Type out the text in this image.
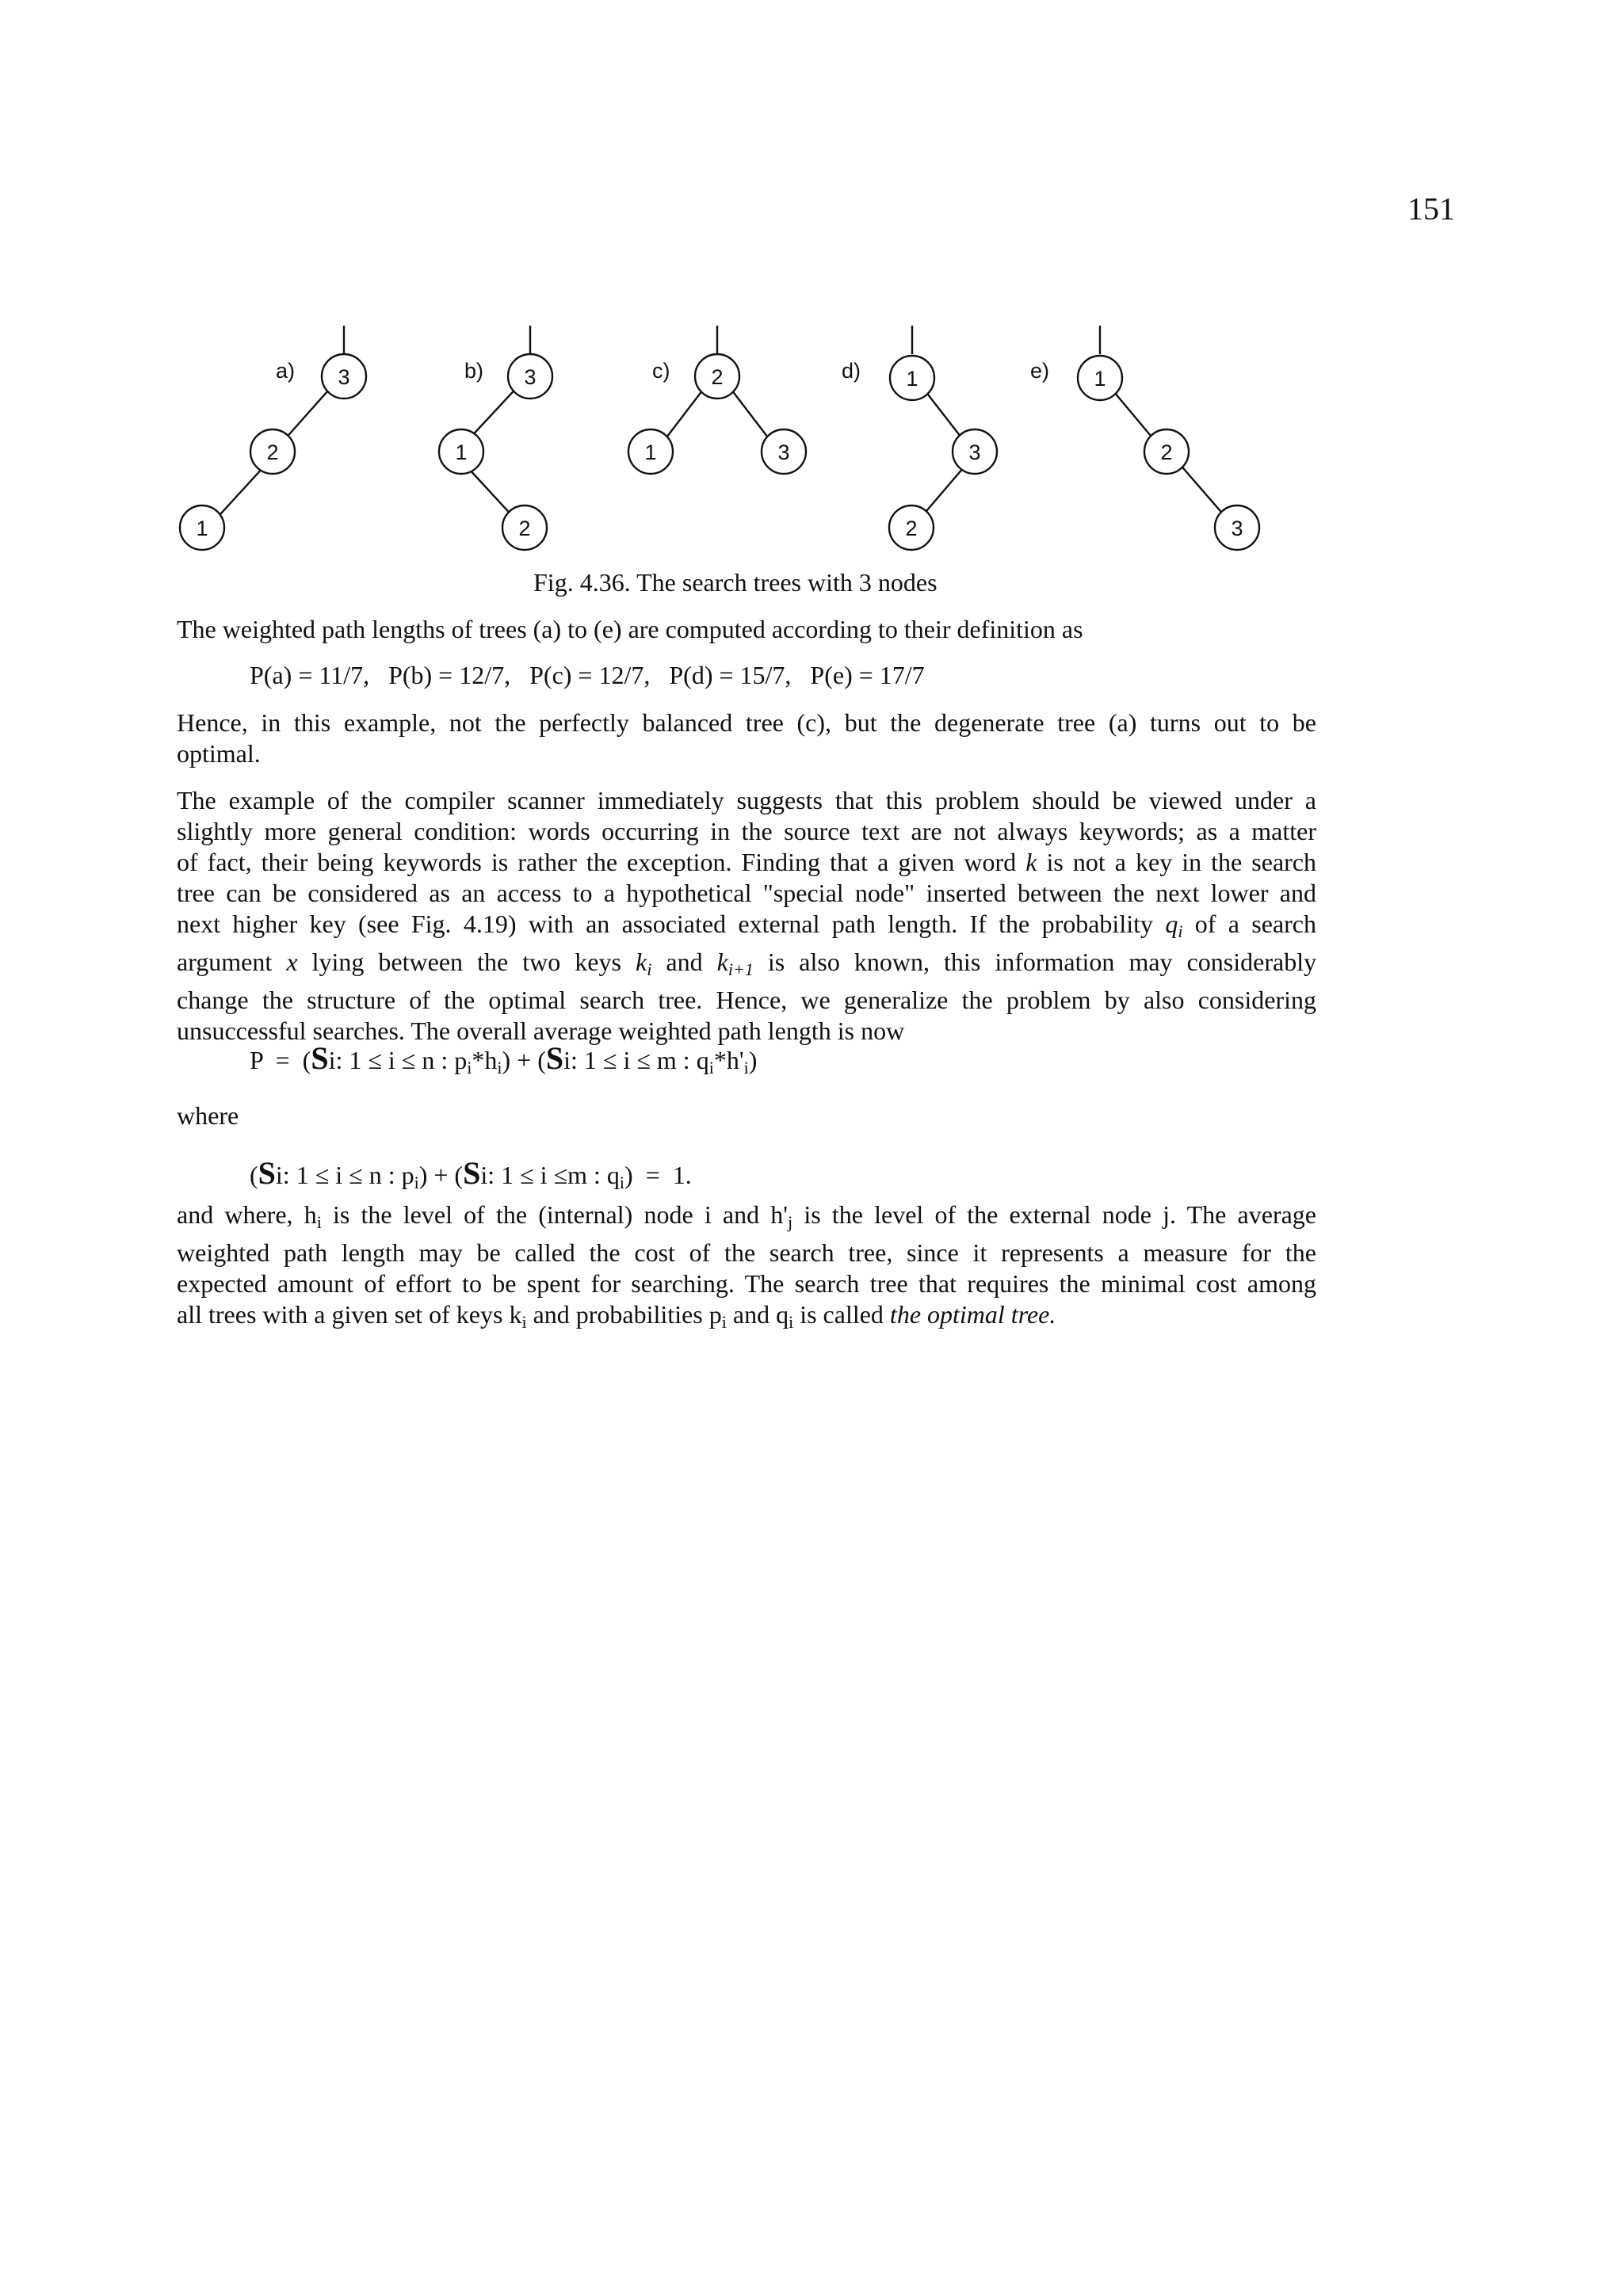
151
a) 3
2
1
b) 3
1
2
c) 2
1	3
d) 1
3
2
e) 1
2
3
Fig. 4.36. The search trees with 3 nodes
The weighted path lengths of trees (a) to (e) are computed according to their definition as
P(a) = 11/7,   P(b) = 12/7,   P(c) = 12/7,   P(d) = 15/7,   P(e) = 17/7
Hence, in this example, not the perfectly balanced tree (c), but the degenerate tree (a) turns out to be
optimal.
The example of the compiler scanner immediately suggests that this problem should be viewed under a
slightly more general condition: words occurring in the source text are not always keywords; as a matter
of fact, their being keywords is rather the exception. Finding that a given word k is not a key in the search
tree can be considered as an access to a hypothetical "special node" inserted between the next lower and
next higher key (see Fig. 4.19) with an associated external path length. If the probability $q_i$ of a search
argument x lying between the two keys $k_i$ and $k_{i+1}$ is also known, this information may considerably
change the structure of the optimal search tree. Hence, we generalize the problem by also considering
unsuccessful searches. The overall average weighted path length is now
P  =  (Si: 1 ≤ i ≤ n : $p_i*h_i) + (Si$: 1 ≤ i ≤ m : $q_i*h'_i$)
where
(Si: 1 ≤ i ≤ n : $p_i) + (Si$: 1 ≤ i ≤m : $q_i) = 1$.
and where, $h_i$ is the level of the (internal) node i and $h'_j$ is the level of the external node j. The average
weighted path length may be called the cost of the search tree, since it represents a measure for the
expected amount of effort to be spent for searching. The search tree that requires the minimal cost among
all trees with a given set of keys $k_i$ and probabilities $p_i$ and $q_i$ is called the optimal tree.
